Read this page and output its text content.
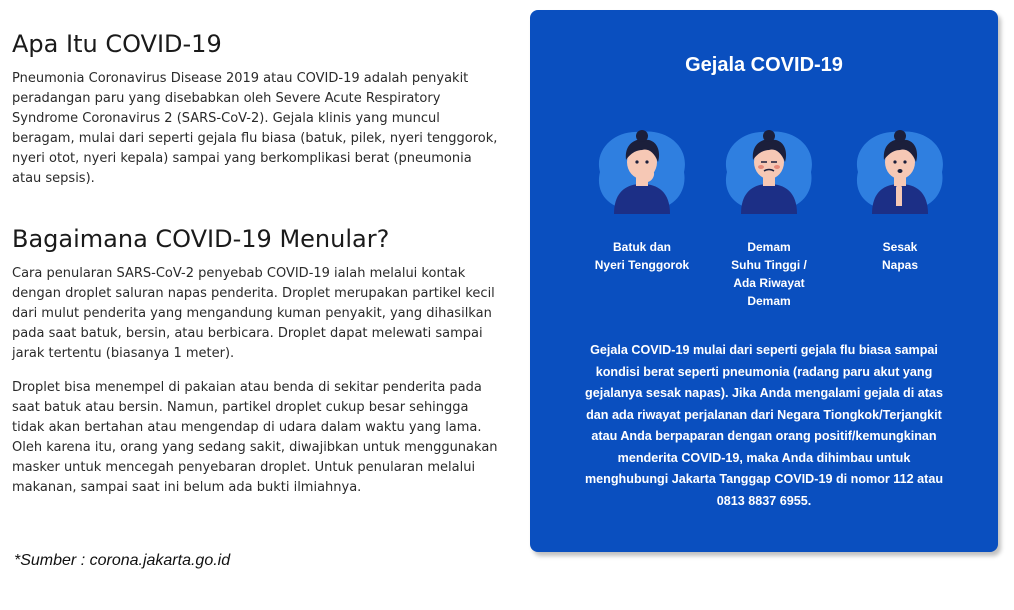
Apa Itu COVID-19

Pneumonia Coronavirus Disease 2019 atau COVID-19 adalah penyakit peradangan paru yang disebabkan oleh Severe Acute Respiratory Syndrome Coronavirus 2 (SARS-CoV-2). Gejala klinis yang muncul beragam, mulai dari seperti gejala flu biasa (batuk, pilek, nyeri tenggorok, nyeri otot, nyeri kepala) sampai yang berkomplikasi berat (pneumonia atau sepsis).

Bagaimana COVID-19 Menular?

Cara penularan SARS-CoV-2 penyebab COVID-19 ialah melalui kontak dengan droplet saluran napas penderita. Droplet merupakan partikel kecil dari mulut penderita yang mengandung kuman penyakit, yang dihasilkan pada saat batuk, bersin, atau berbicara. Droplet dapat melewati sampai jarak tertentu (biasanya 1 meter).

Droplet bisa menempel di pakaian atau benda di sekitar penderita pada saat batuk atau bersin. Namun, partikel droplet cukup besar sehingga tidak akan bertahan atau mengendap di udara dalam waktu yang lama. Oleh karena itu, orang yang sedang sakit, diwajibkan untuk menggunakan masker untuk mencegah penyebaran droplet. Untuk penularan melalui makanan, sampai saat ini belum ada bukti ilmiahnya.

*Sumber : corona.jakarta.go.id
Gejala COVID-19
Batuk dan
Nyeri Tenggorok
Demam
Suhu Tinggi /
Ada Riwayat
Demam
Sesak
Napas
Gejala COVID-19 mulai dari seperti gejala flu biasa sampai kondisi berat seperti pneumonia (radang paru akut yang gejalanya sesak napas). Jika Anda mengalami gejala di atas dan ada riwayat perjalanan dari Negara Tiongkok/Terjangkit atau Anda berpaparan dengan orang positif/kemungkinan menderita COVID-19, maka Anda dihimbau untuk menghubungi Jakarta Tanggap COVID-19 di nomor 112 atau 0813 8837 6955.
